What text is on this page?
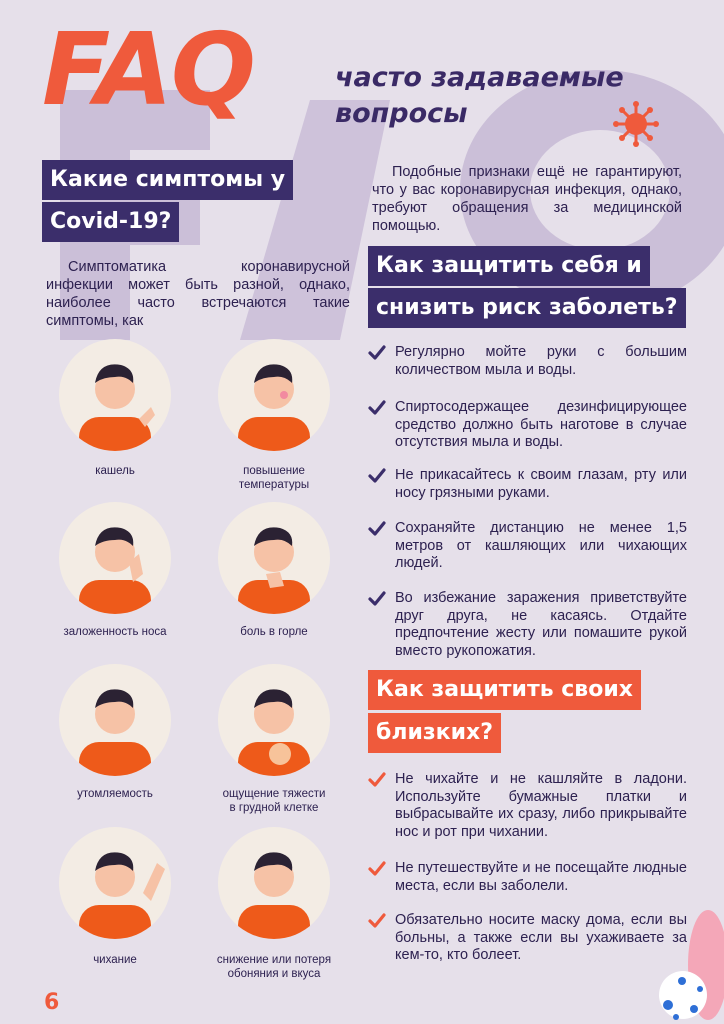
FAQ	часто задаваемые
вопросы
Какие симптомы у
Covid-19?
Симптоматика коронавирусной инфекции может быть разной, однако, наиболее часто встречаются такие симптомы, как
кашель	повышение
температуры
заложенность носа	боль в горле
утомляемость	ощущение тяжести
в грудной клетке
чихание	снижение или потеря
обоняния и вкуса
Подобные признаки ещё не гарантируют, что у вас коронавирусная инфекция, однако, требуют обращения за медицинской помощью.
Как защитить себя и
снизить риск заболеть?
Регулярно мойте руки с большим количеством мыла и воды.
Спиртосодержащее дезинфицирующее средство должно быть наготове в случае отсутствия мыла и воды.
Не прикасайтесь к своим глазам, рту или носу грязными руками.
Сохраняйте дистанцию не менее 1,5 метров от кашляющих или чихающих людей.
Во избежание заражения приветствуйте друг друга, не касаясь. Отдайте предпочтение жесту или помашите рукой вместо рукопожатия.
Как защитить своих
близких?
Не чихайте и не кашляйте в ладони. Используйте бумажные платки и выбрасывайте их сразу, либо прикрывайте нос и рот при чихании.
Не путешествуйте и не посещайте людные места, если вы заболели.
Обязательно носите маску дома, если вы больны, а также если вы ухаживаете за кем-то, кто болеет.
6
